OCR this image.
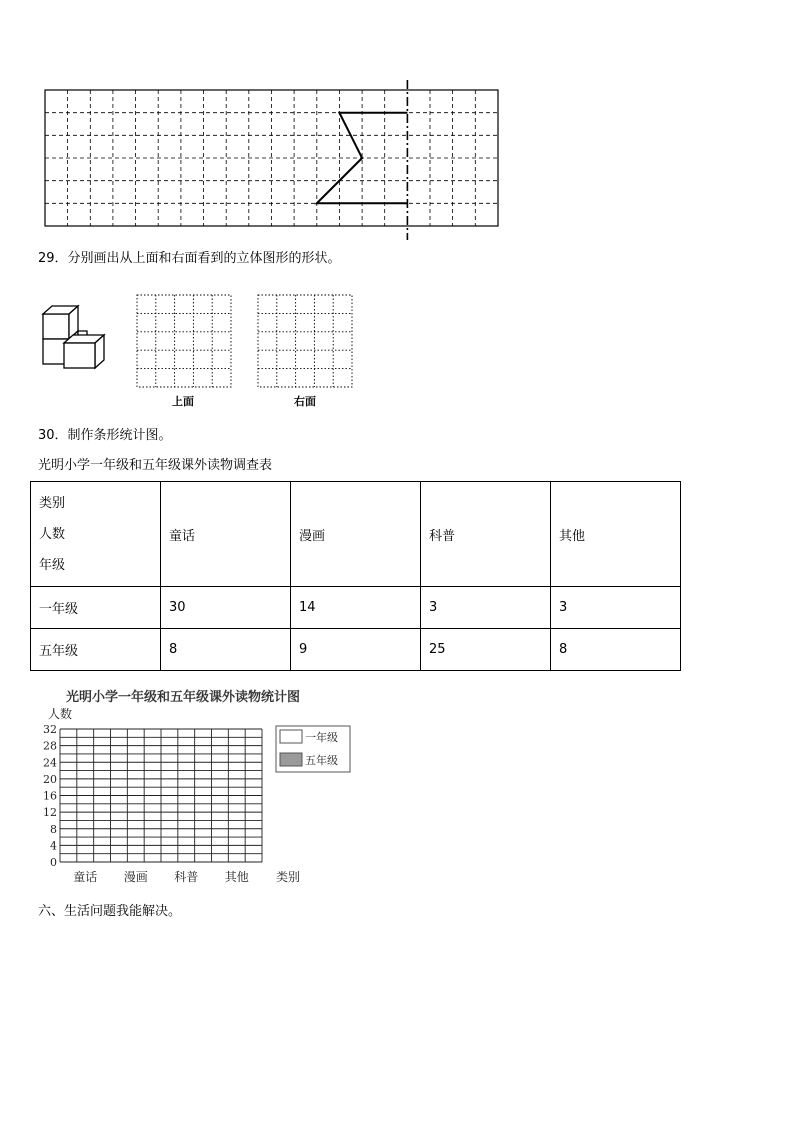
29．分别画出从上面和右面看到的立体图形的形状。
上面	右面
30．制作条形统计图。
光明小学一年级和五年级课外读物调查表
类别
人数
年级	童话	漫画	科普	其他
一年级	30	14	3	3
五年级	8	9	25	8
光明小学一年级和五年级课外读物统计图
人数
32
28
24
20
16
12
8
4
0
童话 漫画 科普 其他 类别
一年级
五年级
六、生活问题我能解决。
